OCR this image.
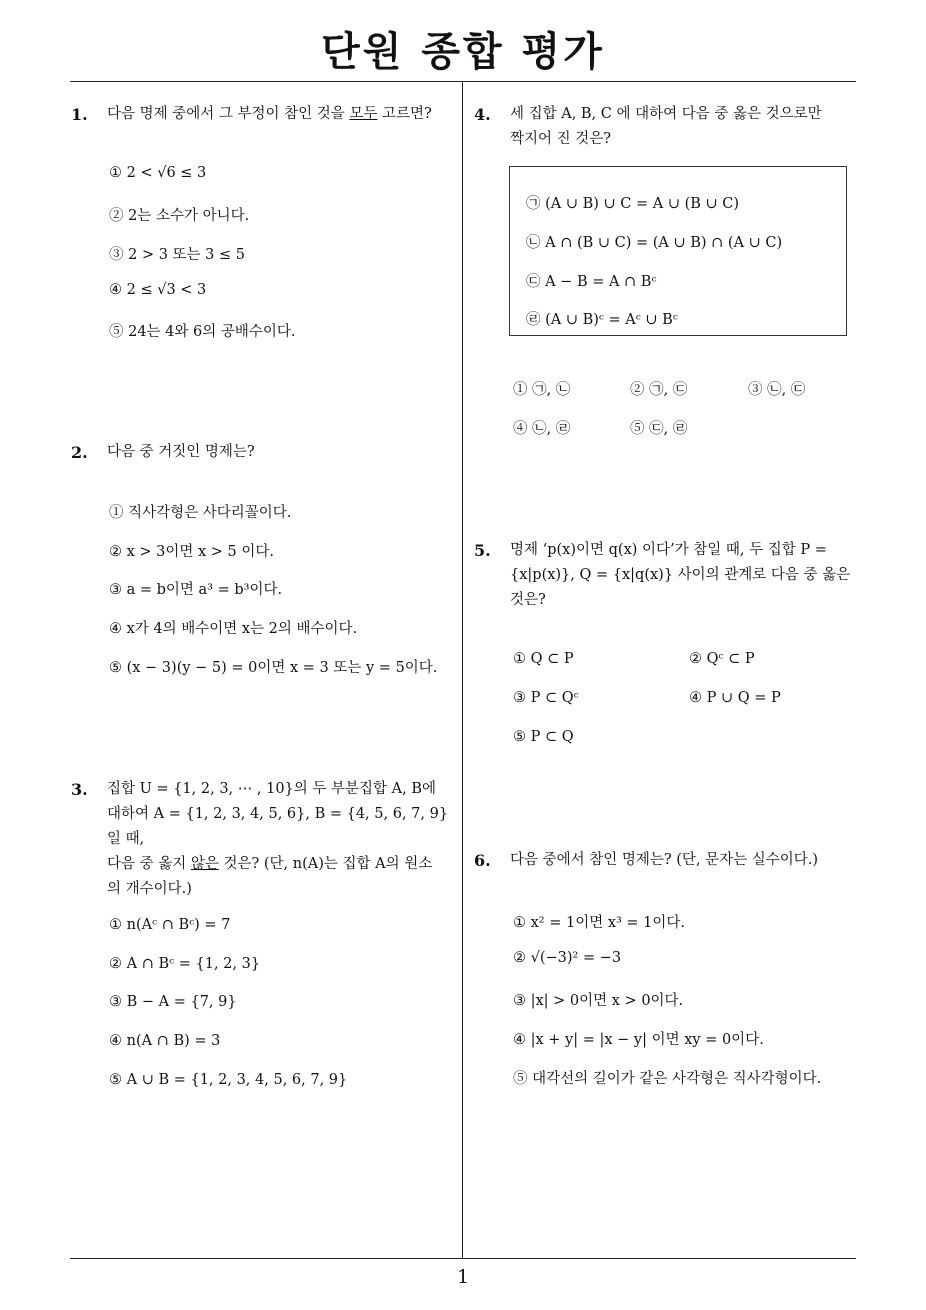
단원 종합 평가
1
1. 다음 명제 중에서 그 부정이 참인 것을 모두 고르면?
① 2 < √6 ≤ 3
② 2는 소수가 아니다.
③ 2 > 3 또는 3 ≤ 5
④ 2 ≤ √3 < 3
⑤ 24는 4와 6의 공배수이다.
2. 다음 중 거짓인 명제는?
① 직사각형은 사다리꼴이다.
② x > 3이면 x > 5 이다.
③ a = b이면 a³ = b³이다.
④ x가 4의 배수이면 x는 2의 배수이다.
⑤ (x − 3)(y − 5) = 0이면 x = 3 또는 y = 5이다.
3. 집합 U = {1, 2, 3, ⋯ , 10}의 두 부분집합 A, B에
대하여 A = {1, 2, 3, 4, 5, 6}, B = {4, 5, 6, 7, 9}일 때,
다음 중 옳지 않은 것은? (단, n(A)는 집합 A의 원소
의 개수이다.)
① n(Aᶜ ∩ Bᶜ) = 7
② A ∩ Bᶜ = {1, 2, 3}
③ B − A = {7, 9}
④ n(A ∩ B) = 3
⑤ A ∪ B = {1, 2, 3, 4, 5, 6, 7, 9}
4. 세 집합 A, B, C 에 대하여 다음 중 옳은 것으로만
짝지어 진 것은?
㉠ (A ∪ B) ∪ C = A ∪ (B ∪ C)
㉡ A ∩ (B ∪ C) = (A ∪ B) ∩ (A ∪ C)
㉢ A − B = A ∩ Bᶜ
㉣ (A ∪ B)ᶜ = Aᶜ ∪ Bᶜ
① ㉠, ㉡	② ㉠, ㉢	③ ㉡, ㉢
④ ㉡, ㉣	⑤ ㉢, ㉣
5. 명제 ‘p(x)이면 q(x) 이다’가 참일 때, 두 집합 P =
{x|p(x)}, Q = {x|q(x)} 사이의 관계로 다음 중 옳은
것은?
① Q ⊂ P	② Qᶜ ⊂ P
③ P ⊂ Qᶜ	④ P ∪ Q = P
⑤ P ⊂ Q
6. 다음 중에서 참인 명제는? (단, 문자는 실수이다.)
① x² = 1이면 x³ = 1이다.
② √(−3)² = −3
③ |x| > 0이면 x > 0이다.
④ |x + y| = |x − y| 이면 xy = 0이다.
⑤ 대각선의 길이가 같은 사각형은 직사각형이다.
